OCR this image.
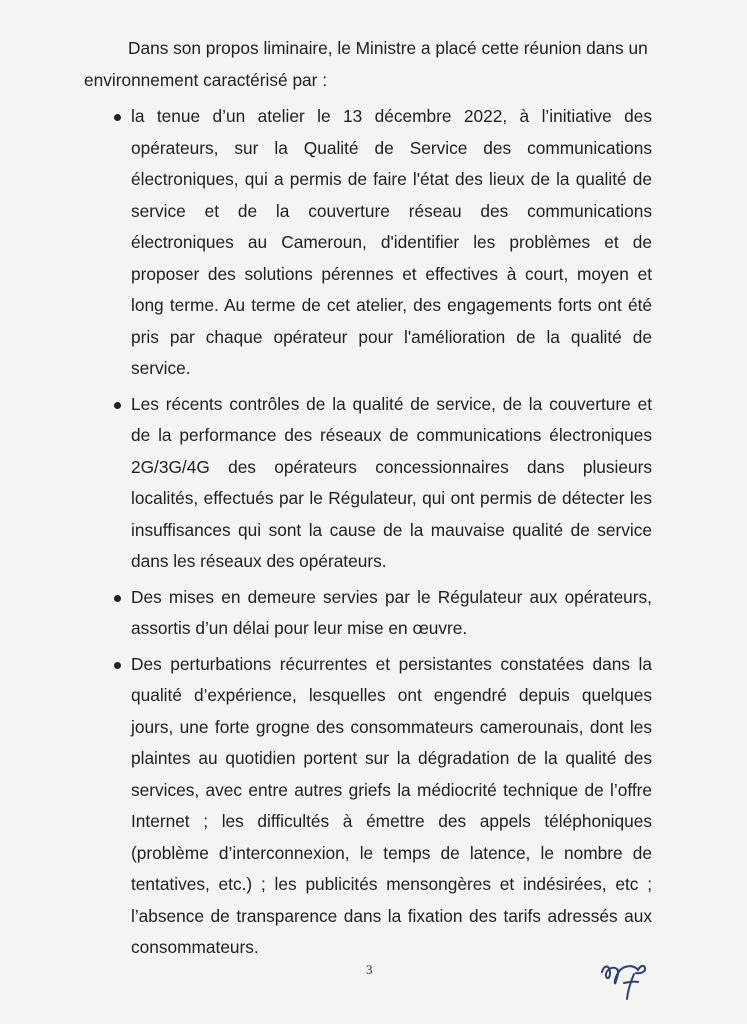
Dans son propos liminaire, le Ministre a placé cette réunion dans un environnement caractérisé par :

la tenue d’un atelier le 13 décembre 2022, à l’initiative des opérateurs, sur la Qualité de Service des communications électroniques, qui a permis de faire l'état des lieux de la qualité de service et de la couverture réseau des communications électroniques au Cameroun, d'identifier les problèmes et de proposer des solutions pérennes et effectives à court, moyen et long terme. Au terme de cet atelier, des engagements forts ont été pris par chaque opérateur pour l'amélioration de la qualité de service.
Les récents contrôles de la qualité de service, de la couverture et de la performance des réseaux de communications électroniques 2G/3G/4G des opérateurs concessionnaires dans plusieurs localités, effectués par le Régulateur, qui ont permis de détecter les insuffisances qui sont la cause de la mauvaise qualité de service dans les réseaux des opérateurs.
Des mises en demeure servies par le Régulateur aux opérateurs, assortis d’un délai pour leur mise en œuvre.
Des perturbations récurrentes et persistantes constatées dans la qualité d’expérience, lesquelles ont engendré depuis quelques jours, une forte grogne des consommateurs camerounais, dont les plaintes au quotidien portent sur la dégradation de la qualité des services, avec entre autres griefs la médiocrité technique de l’offre Internet ; les difficultés à émettre des appels téléphoniques (problème d’interconnexion, le temps de latence, le nombre de tentatives, etc.) ; les publicités mensongères et indésirées, etc ; l’absence de transparence dans la fixation des tarifs adressés aux consommateurs.
3
